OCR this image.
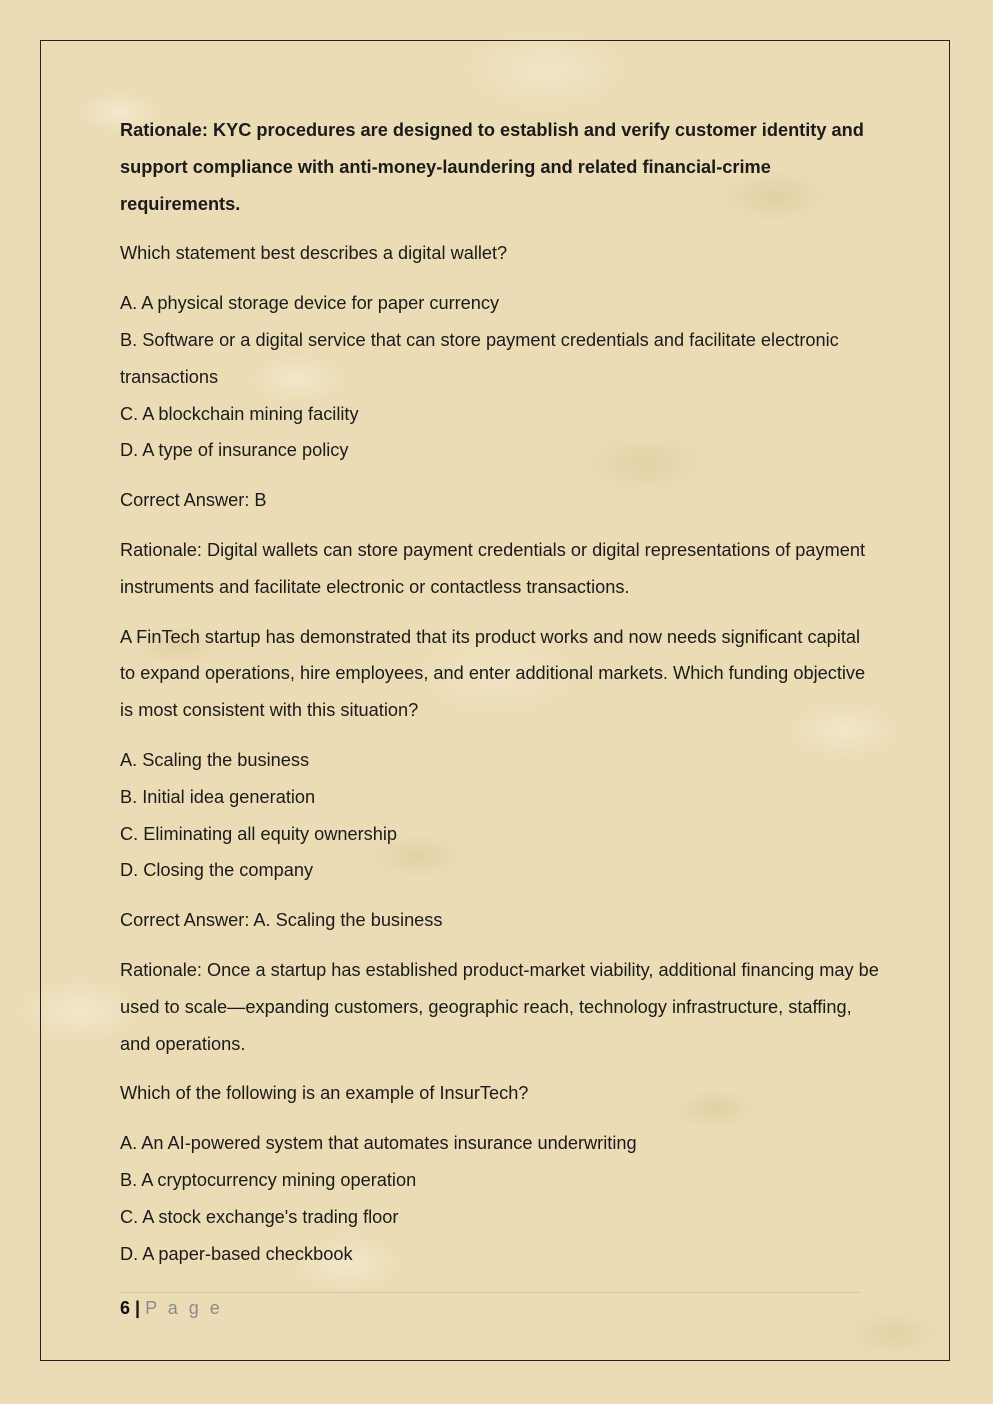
Rationale: KYC procedures are designed to establish and verify customer identity and support compliance with anti-money-laundering and related financial-crime requirements.

Which statement best describes a digital wallet?

A. A physical storage device for paper currency
B. Software or a digital service that can store payment credentials and facilitate electronic transactions
C. A blockchain mining facility
D. A type of insurance policy

Correct Answer: B

Rationale: Digital wallets can store payment credentials or digital representations of payment instruments and facilitate electronic or contactless transactions.

A FinTech startup has demonstrated that its product works and now needs significant capital to expand operations, hire employees, and enter additional markets. Which funding objective is most consistent with this situation?

A. Scaling the business
B. Initial idea generation
C. Eliminating all equity ownership
D. Closing the company

Correct Answer: A. Scaling the business

Rationale: Once a startup has established product-market viability, additional financing may be used to scale—expanding customers, geographic reach, technology infrastructure, staffing, and operations.

Which of the following is an example of InsurTech?

A. An AI-powered system that automates insurance underwriting
B. A cryptocurrency mining operation
C. A stock exchange's trading floor
D. A paper-based checkbook
6 | P a g e
